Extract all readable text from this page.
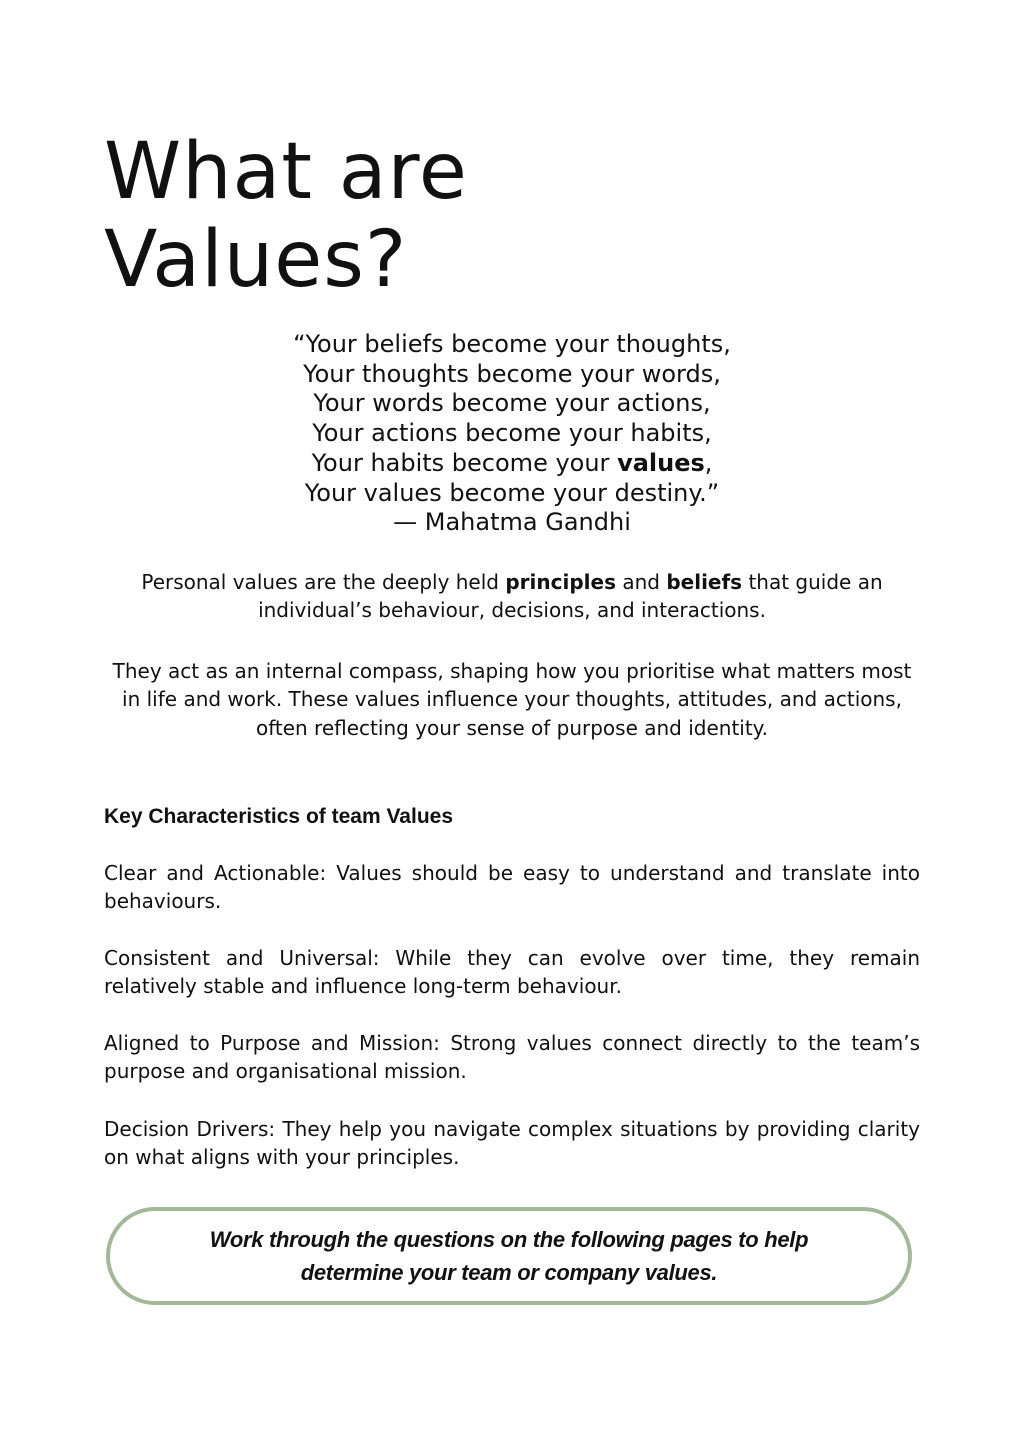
What are
Values?
“Your beliefs become your thoughts,
Your thoughts become your words,
Your words become your actions,
Your actions become your habits,
Your habits become your values,
Your values become your destiny.”
— Mahatma Gandhi

Personal values are the deeply held principles and beliefs that guide an individual’s behaviour, decisions, and interactions.

They act as an internal compass, shaping how you prioritise what matters most in life and work. These values influence your thoughts, attitudes, and actions, often reflecting your sense of purpose and identity.

Key Characteristics of team Values

Clear and Actionable: Values should be easy to understand and translate into behaviours.

Consistent and Universal: While they can evolve over time, they remain relatively stable and influence long-term behaviour.

Aligned to Purpose and Mission: Strong values connect directly to the team’s purpose and organisational mission.

Decision Drivers: They help you navigate complex situations by providing clarity on what aligns with your principles.

Work through the questions on the following pages to help
determine your team or company values.
